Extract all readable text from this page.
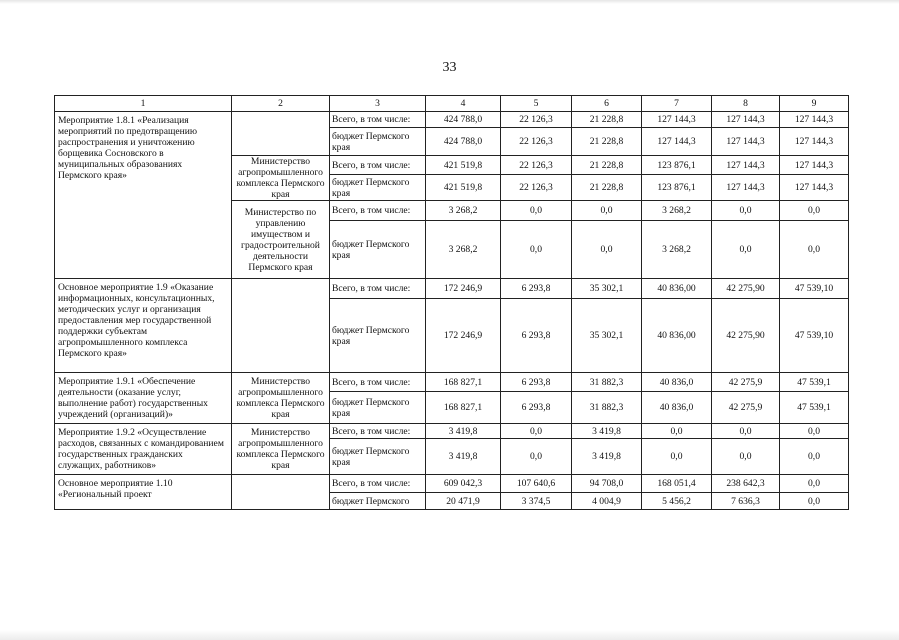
33
1	2	3	4	5	6	7	8	9
Мероприятие 1.8.1 «Реализация мероприятий по предотвращению распространения и уничтожению борщевика Сосновского в муниципальных образованиях Пермского края»		Всего, в том числе:	424 788,0	22 126,3	21 228,8	127 144,3	127 144,3	127 144,3
		бюджет Пермского края	424 788,0	22 126,3	21 228,8	127 144,3	127 144,3	127 144,3
	Министерство агропромышленного комплекса Пермского края	Всего, в том числе:	421 519,8	22 126,3	21 228,8	123 876,1	127 144,3	127 144,3
		бюджет Пермского края	421 519,8	22 126,3	21 228,8	123 876,1	127 144,3	127 144,3
	Министерство по управлению имуществом и градостроительной деятельности Пермского края	Всего, в том числе:	3 268,2	0,0	0,0	3 268,2	0,0	0,0
		бюджет Пермского края	3 268,2	0,0	0,0	3 268,2	0,0	0,0
Основное мероприятие 1.9 «Оказание информационных, консультационных, методических услуг и организация предоставления мер государственной поддержки субъектам агропромышленного комплекса Пермского края»		Всего, в том числе:	172 246,9	6 293,8	35 302,1	40 836,00	42 275,90	47 539,10
		бюджет Пермского края	172 246,9	6 293,8	35 302,1	40 836,00	42 275,90	47 539,10
Мероприятие 1.9.1 «Обеспечение деятельности (оказание услуг, выполнение работ) государственных учреждений (организаций)»	Министерство агропромышленного комплекса Пермского края	Всего, в том числе:	168 827,1	6 293,8	31 882,3	40 836,0	42 275,9	47 539,1
		бюджет Пермского края	168 827,1	6 293,8	31 882,3	40 836,0	42 275,9	47 539,1
Мероприятие 1.9.2 «Осуществление расходов, связанных с командированием государственных гражданских служащих, работников»	Министерство агропромышленного комплекса Пермского края	Всего, в том числе:	3 419,8	0,0	3 419,8	0,0	0,0	0,0
		бюджет Пермского края	3 419,8	0,0	3 419,8	0,0	0,0	0,0
Основное мероприятие 1.10 «Региональный проект		Всего, в том числе:	609 042,3	107 640,6	94 708,0	168 051,4	238 642,3	0,0
		бюджет Пермского	20 471,9	3 374,5	4 004,9	5 456,2	7 636,3	0,0
